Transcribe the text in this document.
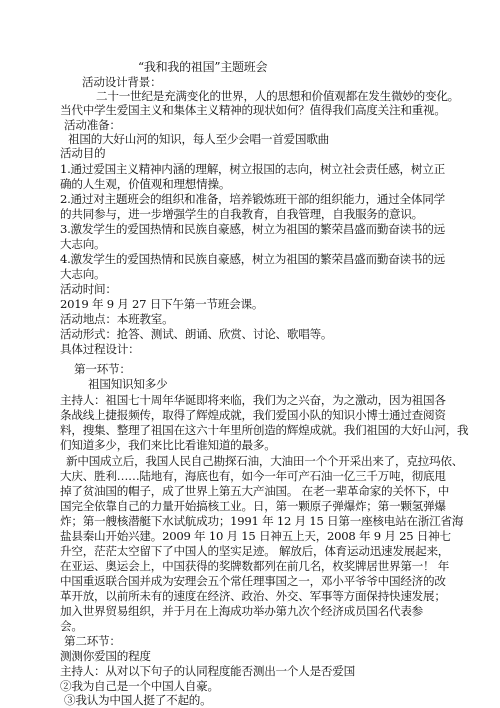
“我和我的祖国”主题班会
活动设计背景：
二十一世纪是充满变化的世界，人的思想和价值观都在发生微妙的变化。
当代中学生爱国主义和集体主义精神的现状如何？值得我们高度关注和重视。
活动准备：
祖国的大好山河的知识，每人至少会唱一首爱国歌曲
活动目的
1.通过爱国主义精神内涵的理解，树立报国的志向，树立社会责任感，树立正
确的人生观，价值观和理想情操。
2.通过对主题班会的组织和准备，培养锻炼班干部的组织能力，通过全体同学
的共同参与，进一步增强学生的自我教育，自我管理，自我服务的意识。
3.激发学生的爱国热情和民族自豪感，树立为祖国的繁荣昌盛而勤奋读书的远
大志向。
4.激发学生的爱国热情和民族自豪感，树立为祖国的繁荣昌盛而勤奋读书的远
大志向。
活动时间：
2019 年 9 月 27 日下午第一节班会课。
活动地点：本班教室。
活动形式：抢答、测试、朗诵、欣赏、讨论、歌唱等。
具体过程设计：
第一环节：
祖国知识知多少
主持人：祖国七十周年华诞即将来临，我们为之兴奋，为之激动，因为祖国各
条战线上捷报频传，取得了辉煌成就，我们爱国小队的知识小博士通过查阅资
料，搜集、整理了祖国在这六十年里所创造的辉煌成就。我们祖国的大好山河，我
们知道多少，我们来比比看谁知道的最多。
新中国成立后，我国人民自己勘探石油，大油田一个个开采出来了，克拉玛依、
大庆、胜利……陆地有，海底也有，如今一年可产石油一亿三千万吨，彻底甩
掉了贫油国的帽子，成了世界上第五大产油国。 在老一辈革命家的关怀下，中
国完全依靠自己的力量开始搞核工业。日，第一颗原子弹爆炸；第一颗氢弹爆
炸；第一艘核潜艇下水试航成功；1991 年 12 月 15 日第一座核电站在浙江省海
盐县秦山开始兴建。2009 年 10 月 15 日神五上天，2008 年 9 月 25 日神七
升空，茫茫太空留下了中国人的坚实足迹。 解放后，体育运动迅速发展起来，
在亚运、奥运会上，中国获得的奖牌数都列在前几名，枚奖牌居世界第一！ 年
中国重返联合国并成为安理会五个常任理事国之一，邓小平爷爷中国经济的改
革开放，以前所未有的速度在经济、政治、外交、军事等方面保持快速发展；
加入世界贸易组织，并于月在上海成功举办第九次个经济成员国名代表参
会。
第二环节：
测测你爱国的程度
主持人：从对以下句子的认同程度能否测出一个人是否爱国
②我为自己是一个中国人自豪。
③我认为中国人挺了不起的。
